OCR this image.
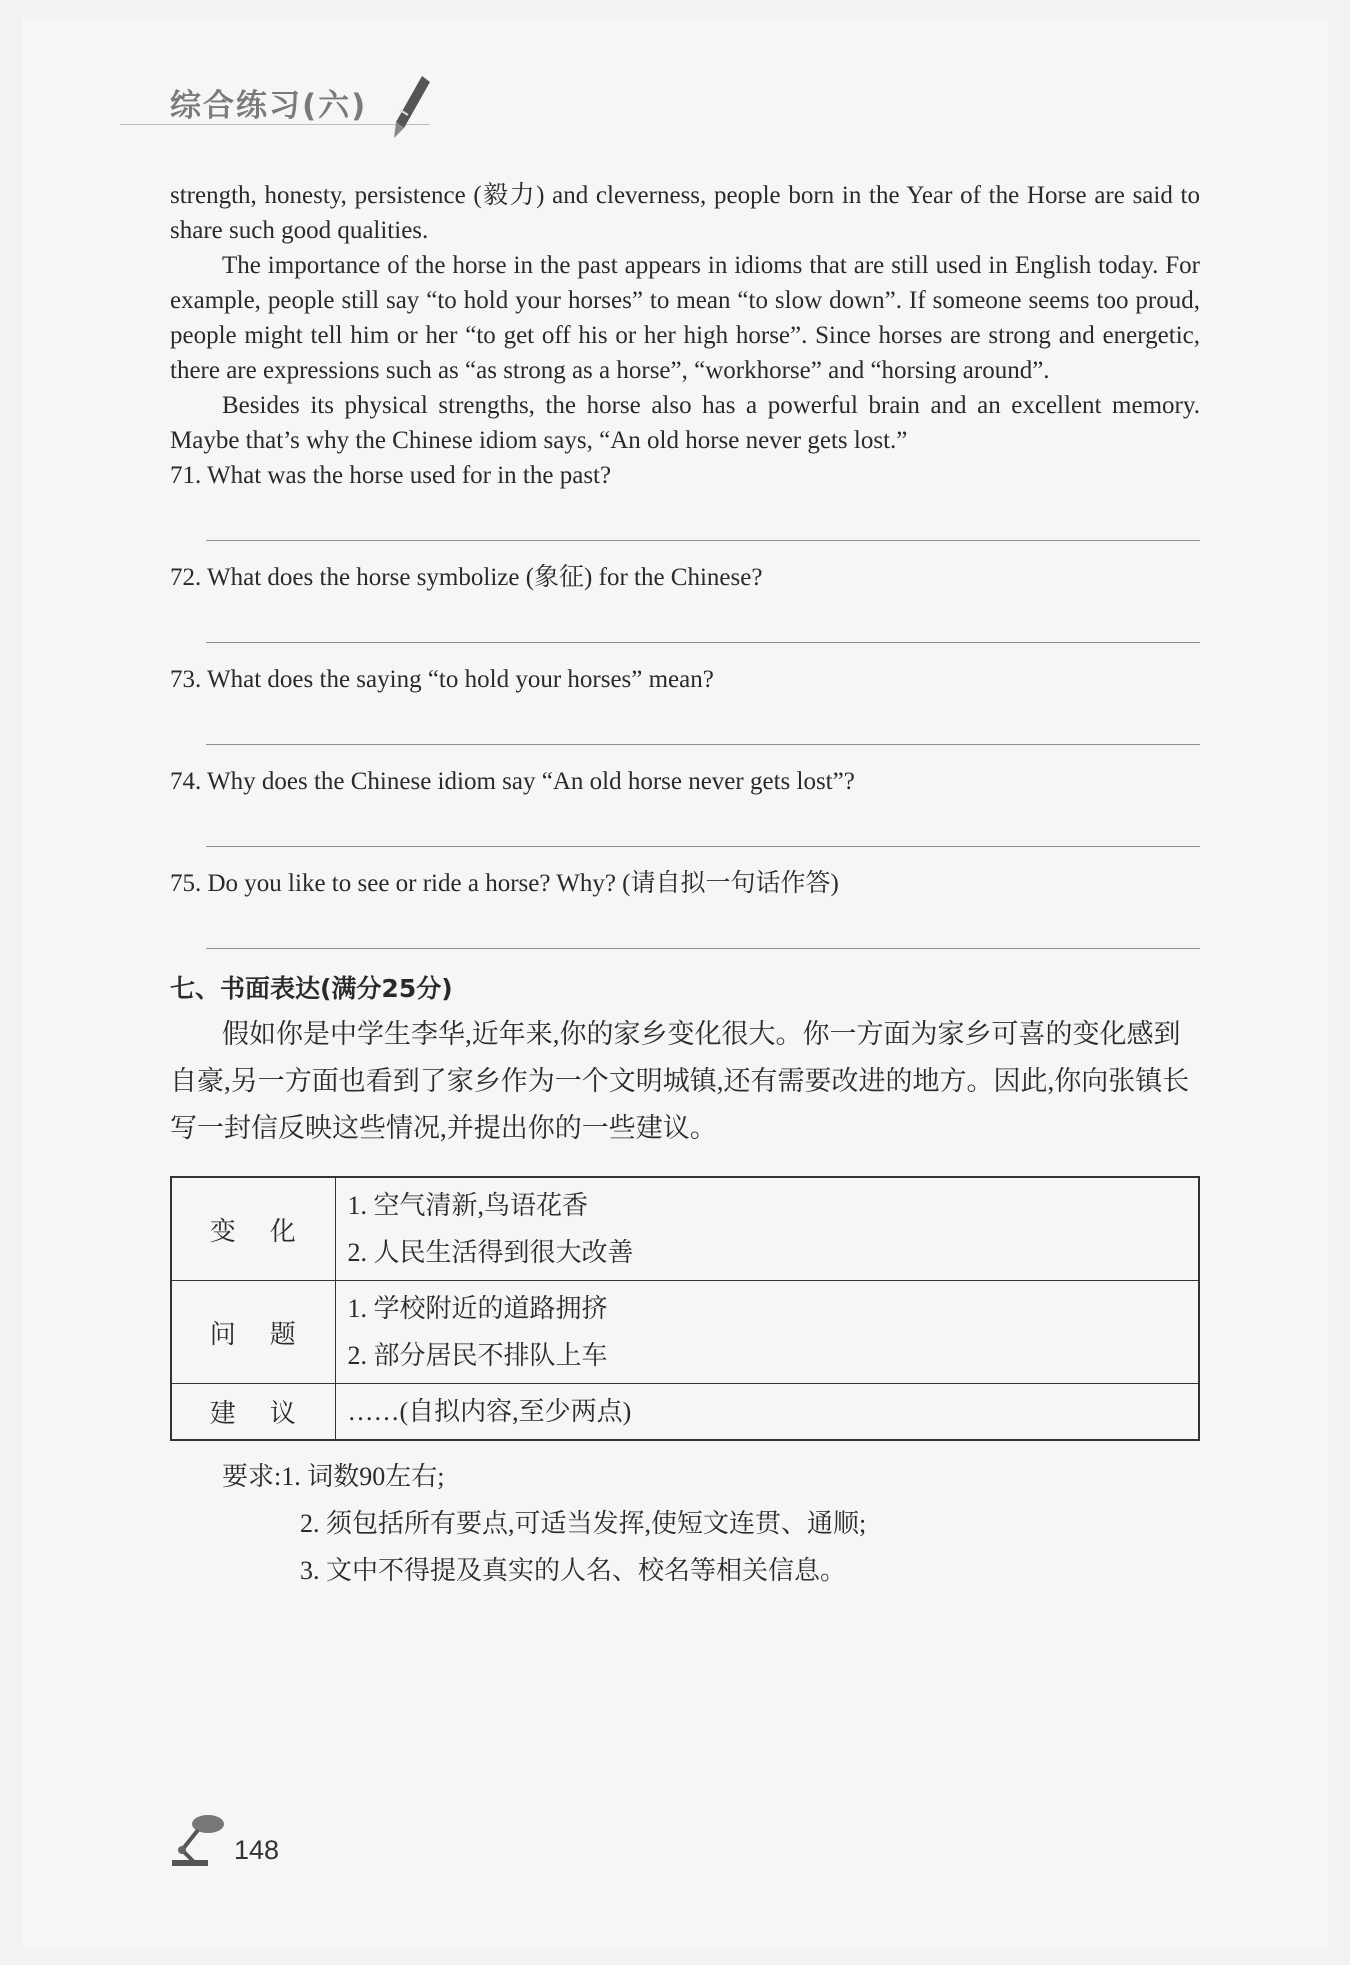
综合练习(六)

strength, honesty, persistence (毅力) and cleverness, people born in the Year of the Horse are said to share such good qualities.

The importance of the horse in the past appears in idioms that are still used in English today. For example, people still say “to hold your horses” to mean “to slow down”. If someone seems too proud, people might tell him or her “to get off his or her high horse”. Since horses are strong and energetic, there are expressions such as “as strong as a horse”, “workhorse” and “horsing around”.

Besides its physical strengths, the horse also has a powerful brain and an excellent memory. Maybe that’s why the Chinese idiom says, “An old horse never gets lost.”

71. What was the horse used for in the past?

72. What does the horse symbolize (象征) for the Chinese?

73. What does the saying “to hold your horses” mean?

74. Why does the Chinese idiom say “An old horse never gets lost”?

75. Do you like to see or ride a horse? Why? (请自拟一句话作答)

七、书面表达(满分25分)

假如你是中学生李华,近年来,你的家乡变化很大。你一方面为家乡可喜的变化感到自豪,另一方面也看到了家乡作为一个文明城镇,还有需要改进的地方。因此,你向张镇长写一封信反映这些情况,并提出你的一些建议。

变化	1. 空气清新,鸟语花香
2. 人民生活得到很大改善

问题	1. 学校附近的道路拥挤
2. 部分居民不排队上车

建议	……(自拟内容,至少两点)

要求:1. 词数90左右;

2. 须包括所有要点,可适当发挥,使短文连贯、通顺;

3. 文中不得提及真实的人名、校名等相关信息。

148
